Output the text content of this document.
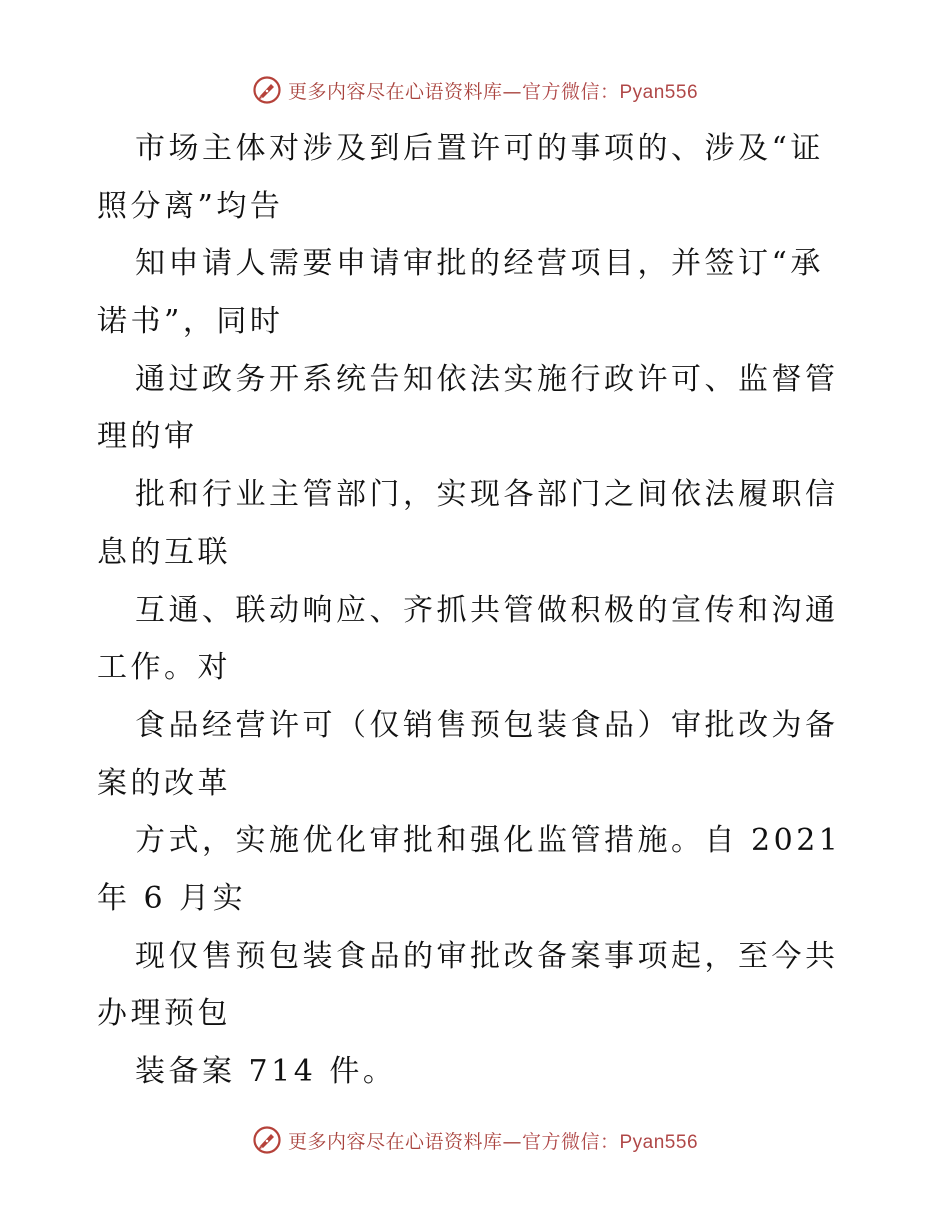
更多内容尽在心语资料库—官方微信：Pyan556
市场主体对涉及到后置许可的事项的、涉及“证
照分离”均告
知申请人需要申请审批的经营项目，并签订“承
诺书”，同时
通过政务开系统告知依法实施行政许可、监督管
理的审
批和行业主管部门，实现各部门之间依法履职信
息的互联
互通、联动响应、齐抓共管做积极的宣传和沟通
工作。对
食品经营许可（仅销售预包装食品）审批改为备
案的改革
方式，实施优化审批和强化监管措施。自 2021
年 6 月实
现仅售预包装食品的审批改备案事项起，至今共
办理预包
装备案 714 件。
更多内容尽在心语资料库—官方微信：Pyan556
